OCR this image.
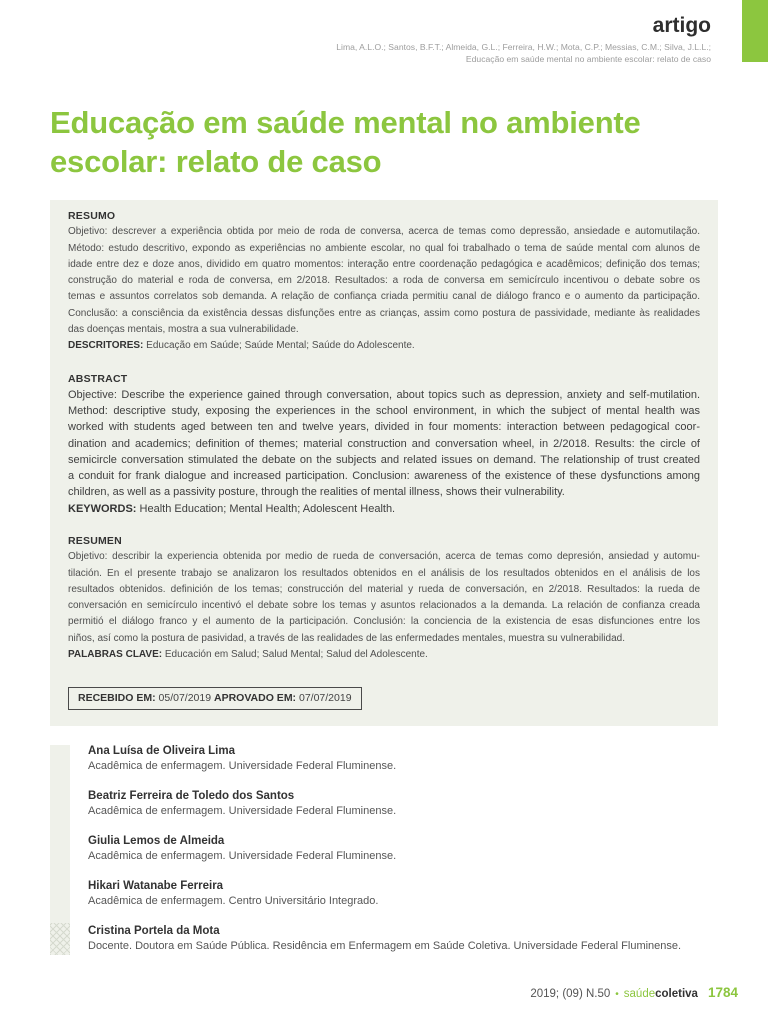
artigo
Lima, A.L.O.; Santos, B.F.T.; Almeida, G.L.; Ferreira, H.W.; Mota, C.P.; Messias, C.M.; Silva, J.L.L.;
Educação em saúde mental no ambiente escolar: relato de caso
Educação em saúde mental no ambiente escolar: relato de caso
RESUMO
Objetivo: descrever a experiência obtida por meio de roda de conversa, acerca de temas como depressão, ansiedade e automutilação.
Método: estudo descritivo, expondo as experiências no ambiente escolar, no qual foi trabalhado o tema de saúde mental com alunos de
idade entre dez e doze anos, dividido em quatro momentos: interação entre coordenação pedagógica e acadêmicos; definição dos temas;
construção do material e roda de conversa, em 2/2018. Resultados: a roda de conversa em semicírculo incentivou o debate sobre os
temas e assuntos correlatos sob demanda. A relação de confiança criada permitiu canal de diálogo franco e o aumento da participação.
Conclusão: a consciência da existência dessas disfunções entre as crianças, assim como postura de passividade, mediante às realidades
das doenças mentais, mostra a sua vulnerabilidade.
DESCRITORES: Educação em Saúde; Saúde Mental; Saúde do Adolescente.
ABSTRACT
Objective: Describe the experience gained through conversation, about topics such as depression, anxiety and self-mutilation.
Method: descriptive study, exposing the experiences in the school environment, in which the subject of mental health was
worked with students aged between ten and twelve years, divided in four moments: interaction between pedagogical coor-
dination and academics; definition of themes; material construction and conversation wheel, in 2/2018. Results: the circle of
semicircle conversation stimulated the debate on the subjects and related issues on demand. The relationship of trust created
a conduit for frank dialogue and increased participation. Conclusion: awareness of the existence of these dysfunctions among
children, as well as a passivity posture, through the realities of mental illness, shows their vulnerability.
KEYWORDS: Health Education; Mental Health; Adolescent Health.
RESUMEN
Objetivo: describir la experiencia obtenida por medio de rueda de conversación, acerca de temas como depresión, ansiedad y automu-
tilación. En el presente trabajo se analizaron los resultados obtenidos en el análisis de los resultados obtenidos en el análisis de los
resultados obtenidos. definición de los temas; construcción del material y rueda de conversación, en 2/2018. Resultados: la rueda de
conversación en semicírculo incentivó el debate sobre los temas y asuntos relacionados a la demanda. La relación de confianza creada
permitió el diálogo franco y el aumento de la participación. Conclusión: la conciencia de la existencia de esas disfunciones entre los
niños, así como la postura de pasividad, a través de las realidades de las enfermedades mentales, muestra su vulnerabilidad.
PALABRAS CLAVE: Educación em Salud; Salud Mental; Salud del Adolescente.
RECEBIDO EM: 05/07/2019 APROVADO EM: 07/07/2019
Ana Luísa de Oliveira Lima
Acadêmica de enfermagem. Universidade Federal Fluminense.
Beatriz Ferreira de Toledo dos Santos
Acadêmica de enfermagem. Universidade Federal Fluminense.
Giulia Lemos de Almeida
Acadêmica de enfermagem. Universidade Federal Fluminense.
Hikari Watanabe Ferreira
Acadêmica de enfermagem. Centro Universitário Integrado.
Cristina Portela da Mota
Docente. Doutora em Saúde Pública. Residência em Enfermagem em Saúde Coletiva. Universidade Federal Fluminense.
2019; (09) N.50 • saúde coletiva 1784
